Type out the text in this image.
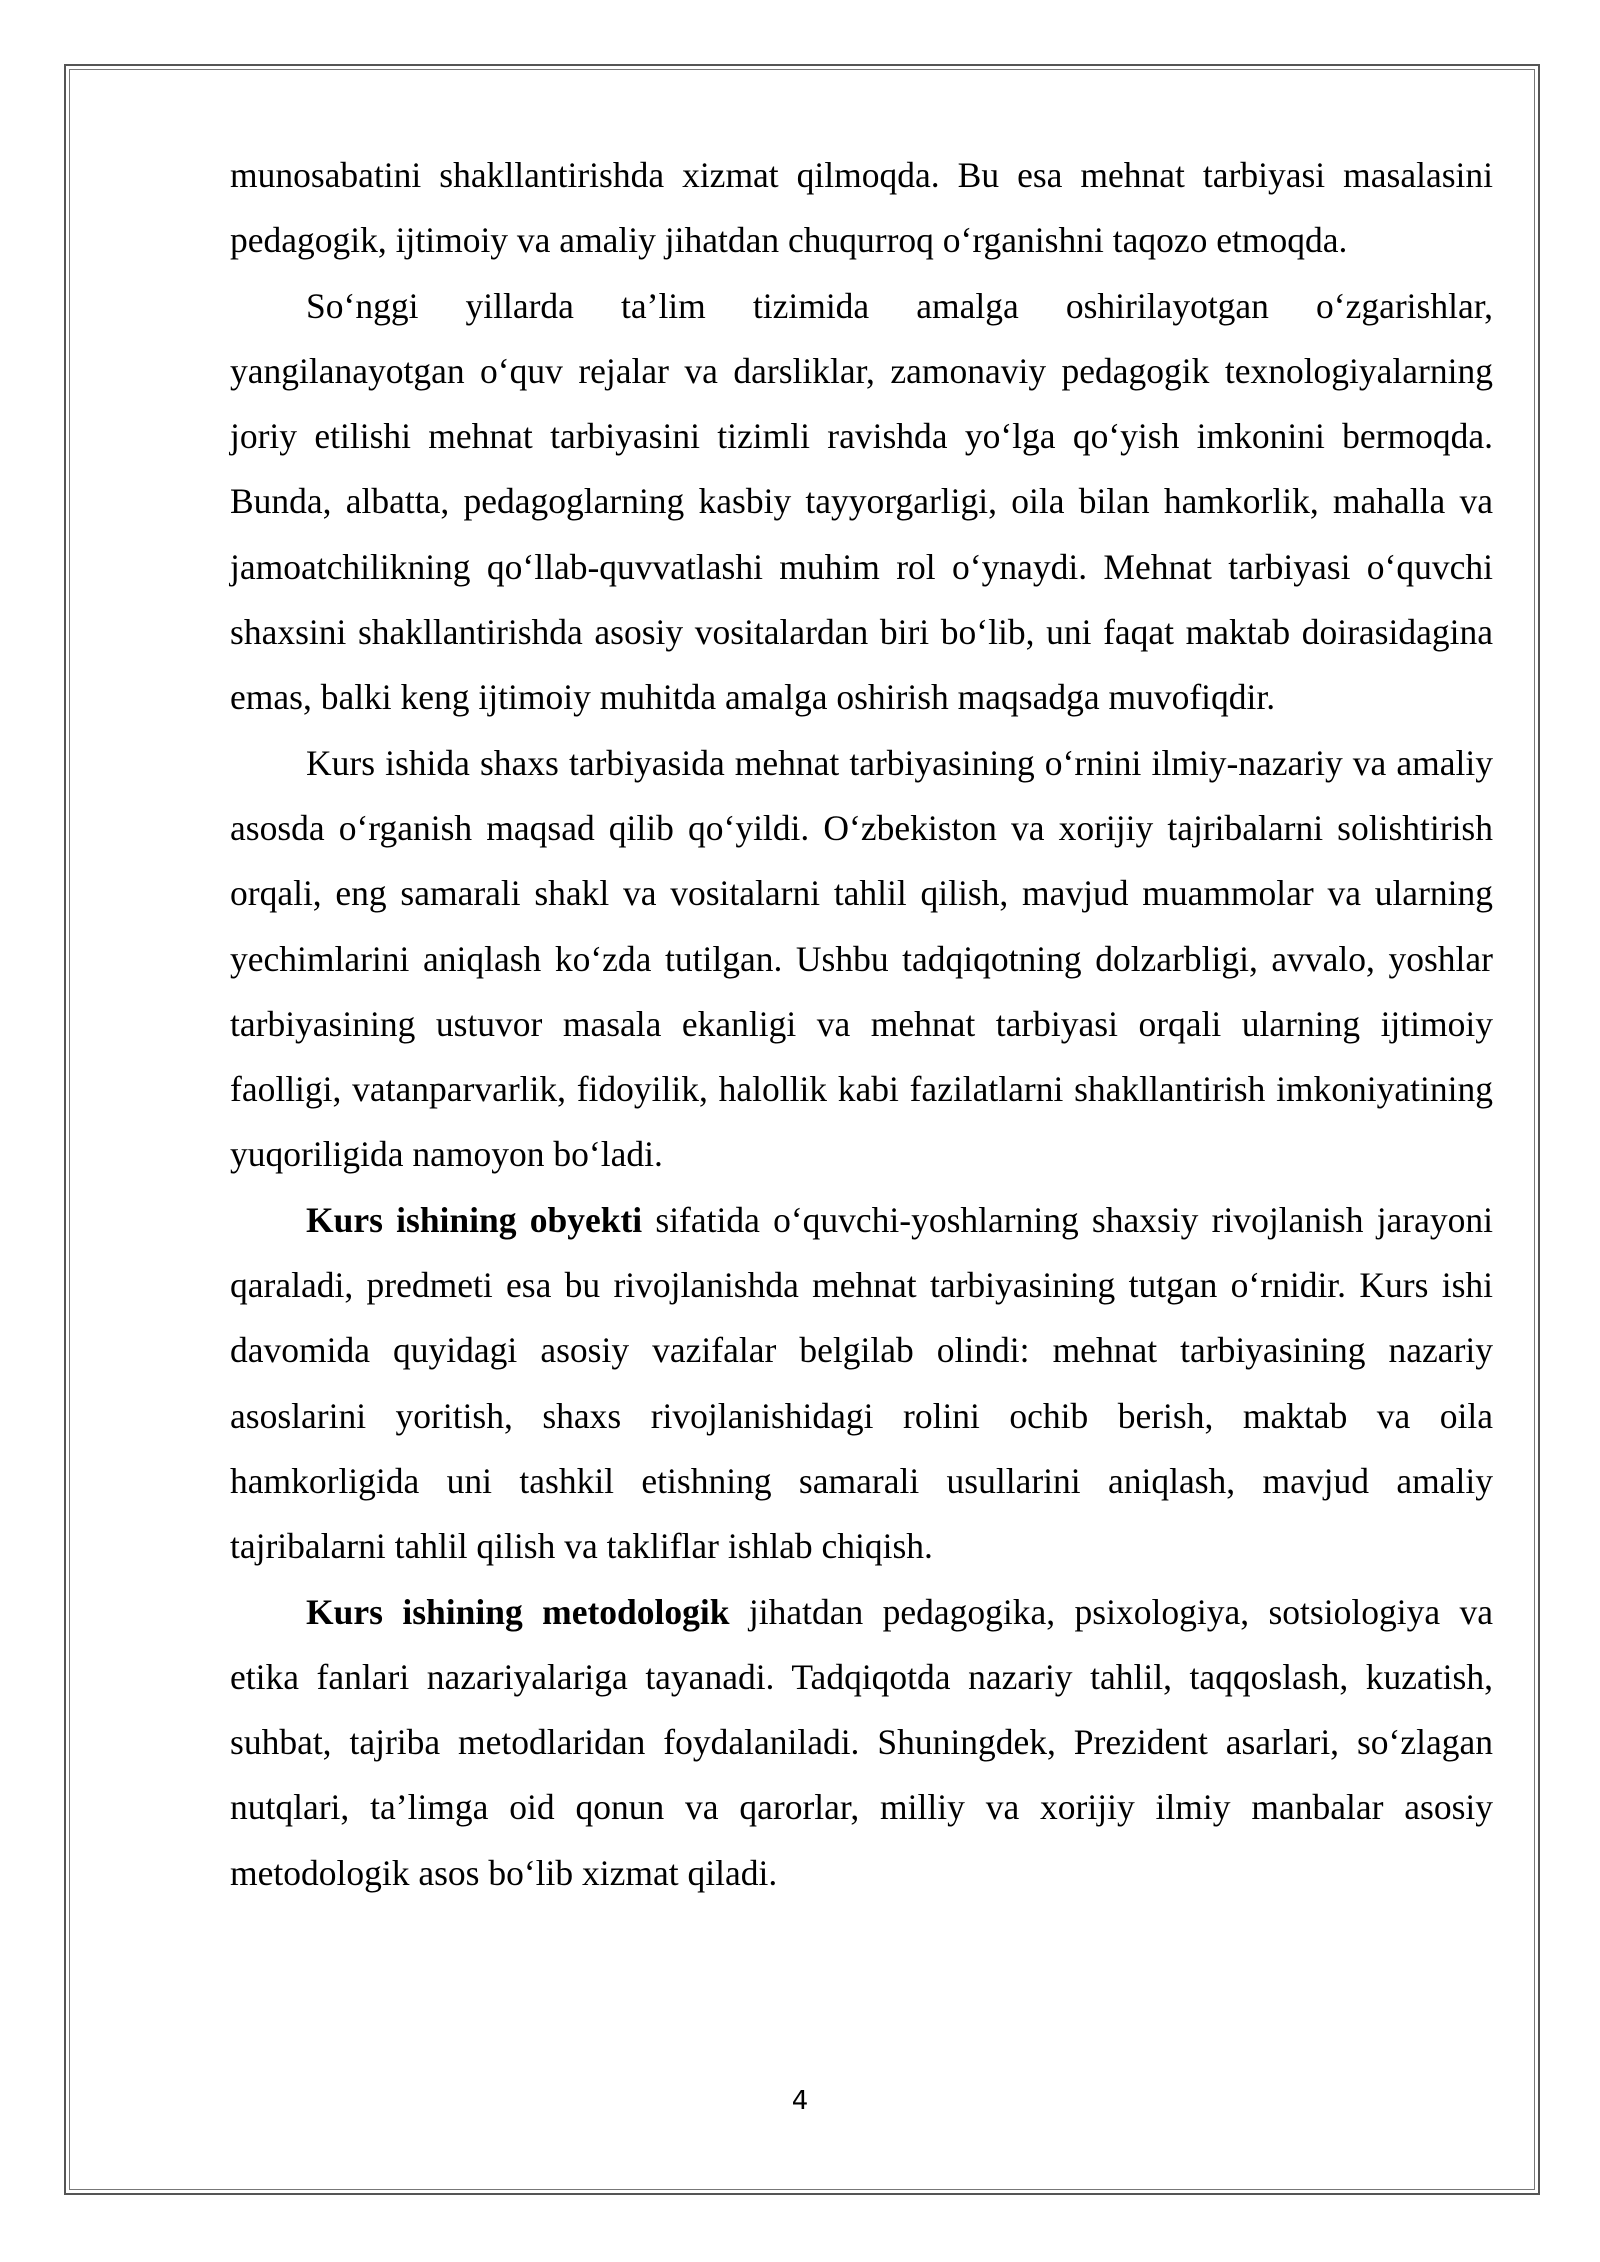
munosabatini shakllantirishda xizmat qilmoqda. Bu esa mehnat tarbiyasi masalasini pedagogik, ijtimoiy va amaliy jihatdan chuqurroq o‘rganishni taqozo etmoqda.

So‘nggi yillarda ta’lim tizimida amalga oshirilayotgan o‘zgarishlar, yangilanayotgan o‘quv rejalar va darsliklar, zamonaviy pedagogik texnologiyalarning joriy etilishi mehnat tarbiyasini tizimli ravishda yo‘lga qo‘yish imkonini bermoqda. Bunda, albatta, pedagoglarning kasbiy tayyorgarligi, oila bilan hamkorlik, mahalla va jamoatchilikning qo‘llab-quvvatlashi muhim rol o‘ynaydi. Mehnat tarbiyasi o‘quvchi shaxsini shakllantirishda asosiy vositalardan biri bo‘lib, uni faqat maktab doirasidagina emas, balki keng ijtimoiy muhitda amalga oshirish maqsadga muvofiqdir.

Kurs ishida shaxs tarbiyasida mehnat tarbiyasining o‘rnini ilmiy-nazariy va amaliy asosda o‘rganish maqsad qilib qo‘yildi. O‘zbekiston va xorijiy tajribalarni solishtirish orqali, eng samarali shakl va vositalarni tahlil qilish, mavjud muammolar va ularning yechimlarini aniqlash ko‘zda tutilgan. Ushbu tadqiqotning dolzarbligi, avvalo, yoshlar tarbiyasining ustuvor masala ekanligi va mehnat tarbiyasi orqali ularning ijtimoiy faolligi, vatanparvarlik, fidoyilik, halollik kabi fazilatlarni shakllantirish imkoniyatining yuqoriligida namoyon bo‘ladi.

Kurs ishining obyekti sifatida o‘quvchi-yoshlarning shaxsiy rivojlanish jarayoni qaraladi, predmeti esa bu rivojlanishda mehnat tarbiyasining tutgan o‘rnidir. Kurs ishi davomida quyidagi asosiy vazifalar belgilab olindi: mehnat tarbiyasining nazariy asoslarini yoritish, shaxs rivojlanishidagi rolini ochib berish, maktab va oila hamkorligida uni tashkil etishning samarali usullarini aniqlash, mavjud amaliy tajribalarni tahlil qilish va takliflar ishlab chiqish.

Kurs ishining metodologik jihatdan pedagogika, psixologiya, sotsiologiya va etika fanlari nazariyalariga tayanadi. Tadqiqotda nazariy tahlil, taqqoslash, kuzatish, suhbat, tajriba metodlaridan foydalaniladi. Shuningdek, Prezident asarlari, so‘zlagan nutqlari, ta’limga oid qonun va qarorlar, milliy va xorijiy ilmiy manbalar asosiy metodologik asos bo‘lib xizmat qiladi.

4
